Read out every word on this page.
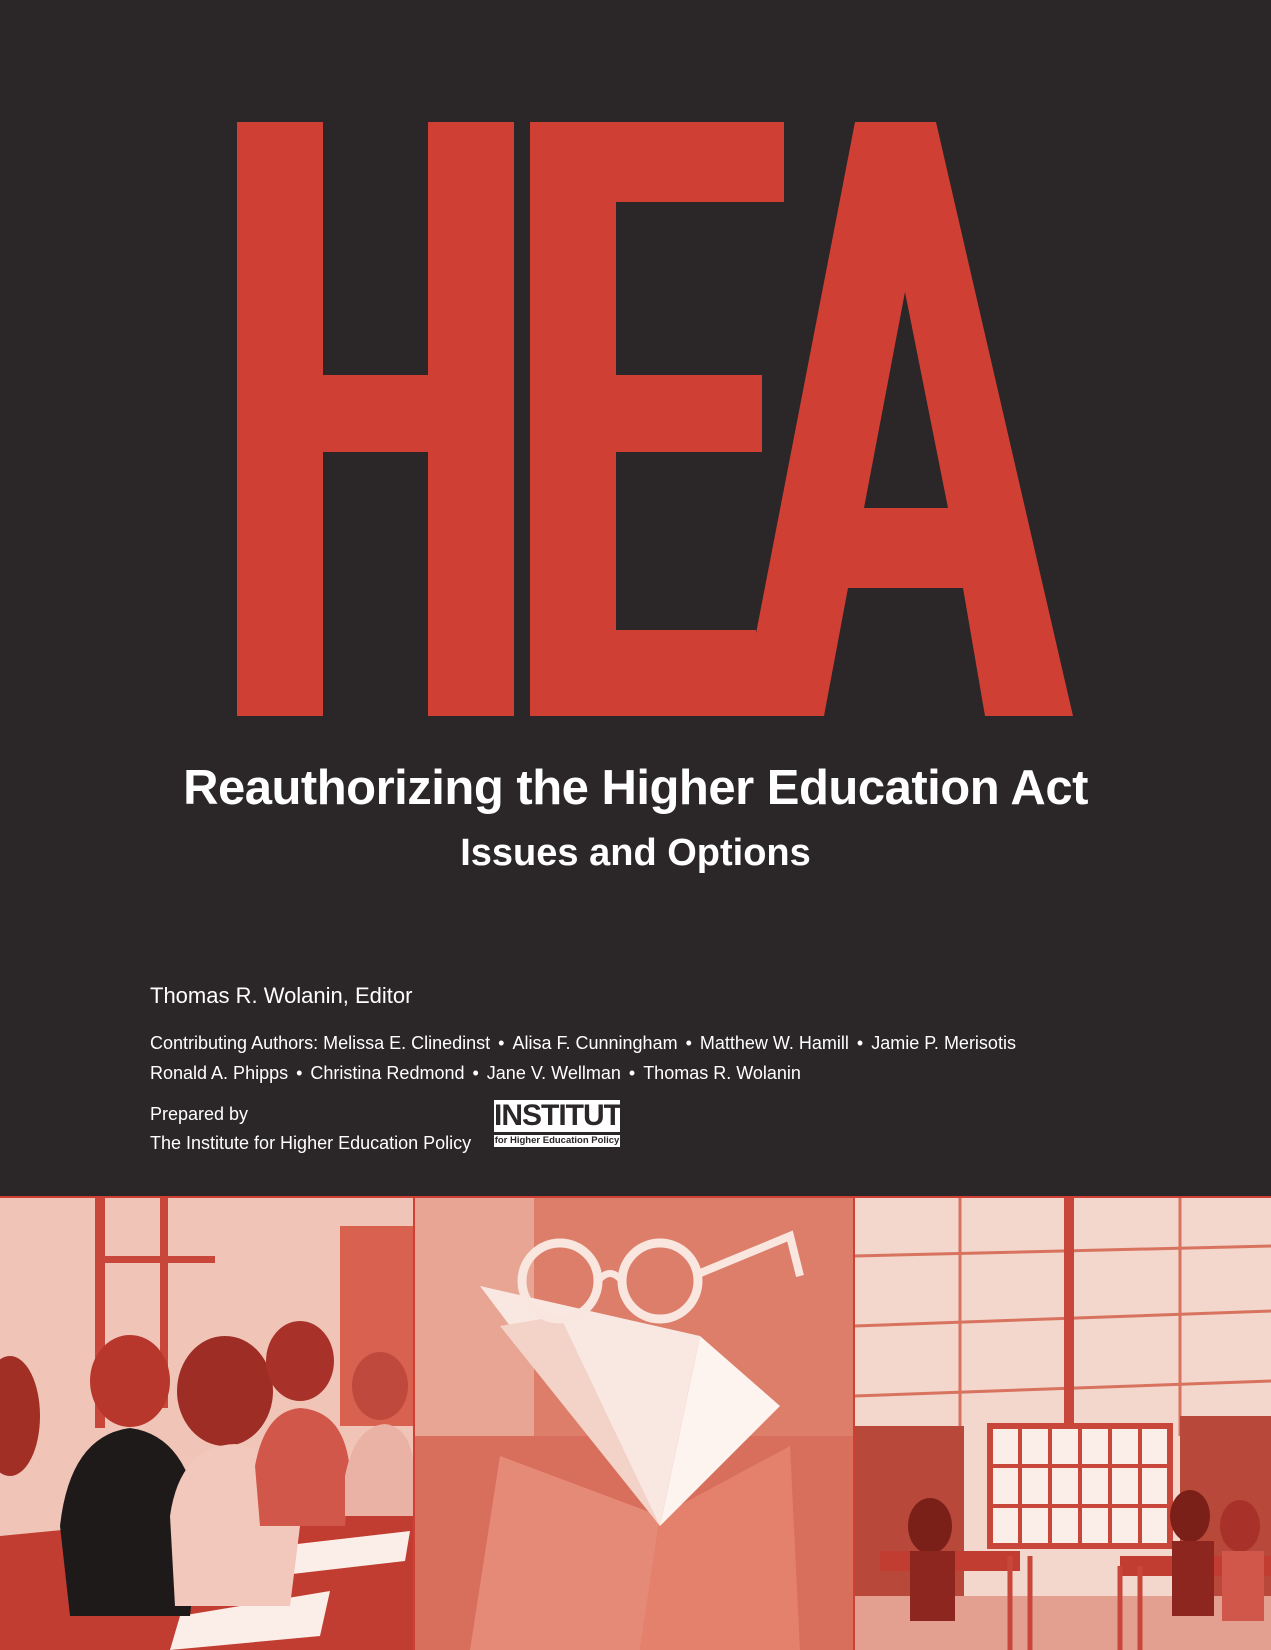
Reauthorizing the Higher Education Act
Issues and Options

Thomas R. Wolanin, Editor

Contributing Authors: Melissa E. Clinedinst • Alisa F. Cunningham • Matthew W. Hamill • Jamie P. Merisotis
Ronald A. Phipps • Christina Redmond • Jane V. Wellman • Thomas R. Wolanin
Prepared by
The Institute for Higher Education Policy
INSTITUTE
for Higher Education Policy
